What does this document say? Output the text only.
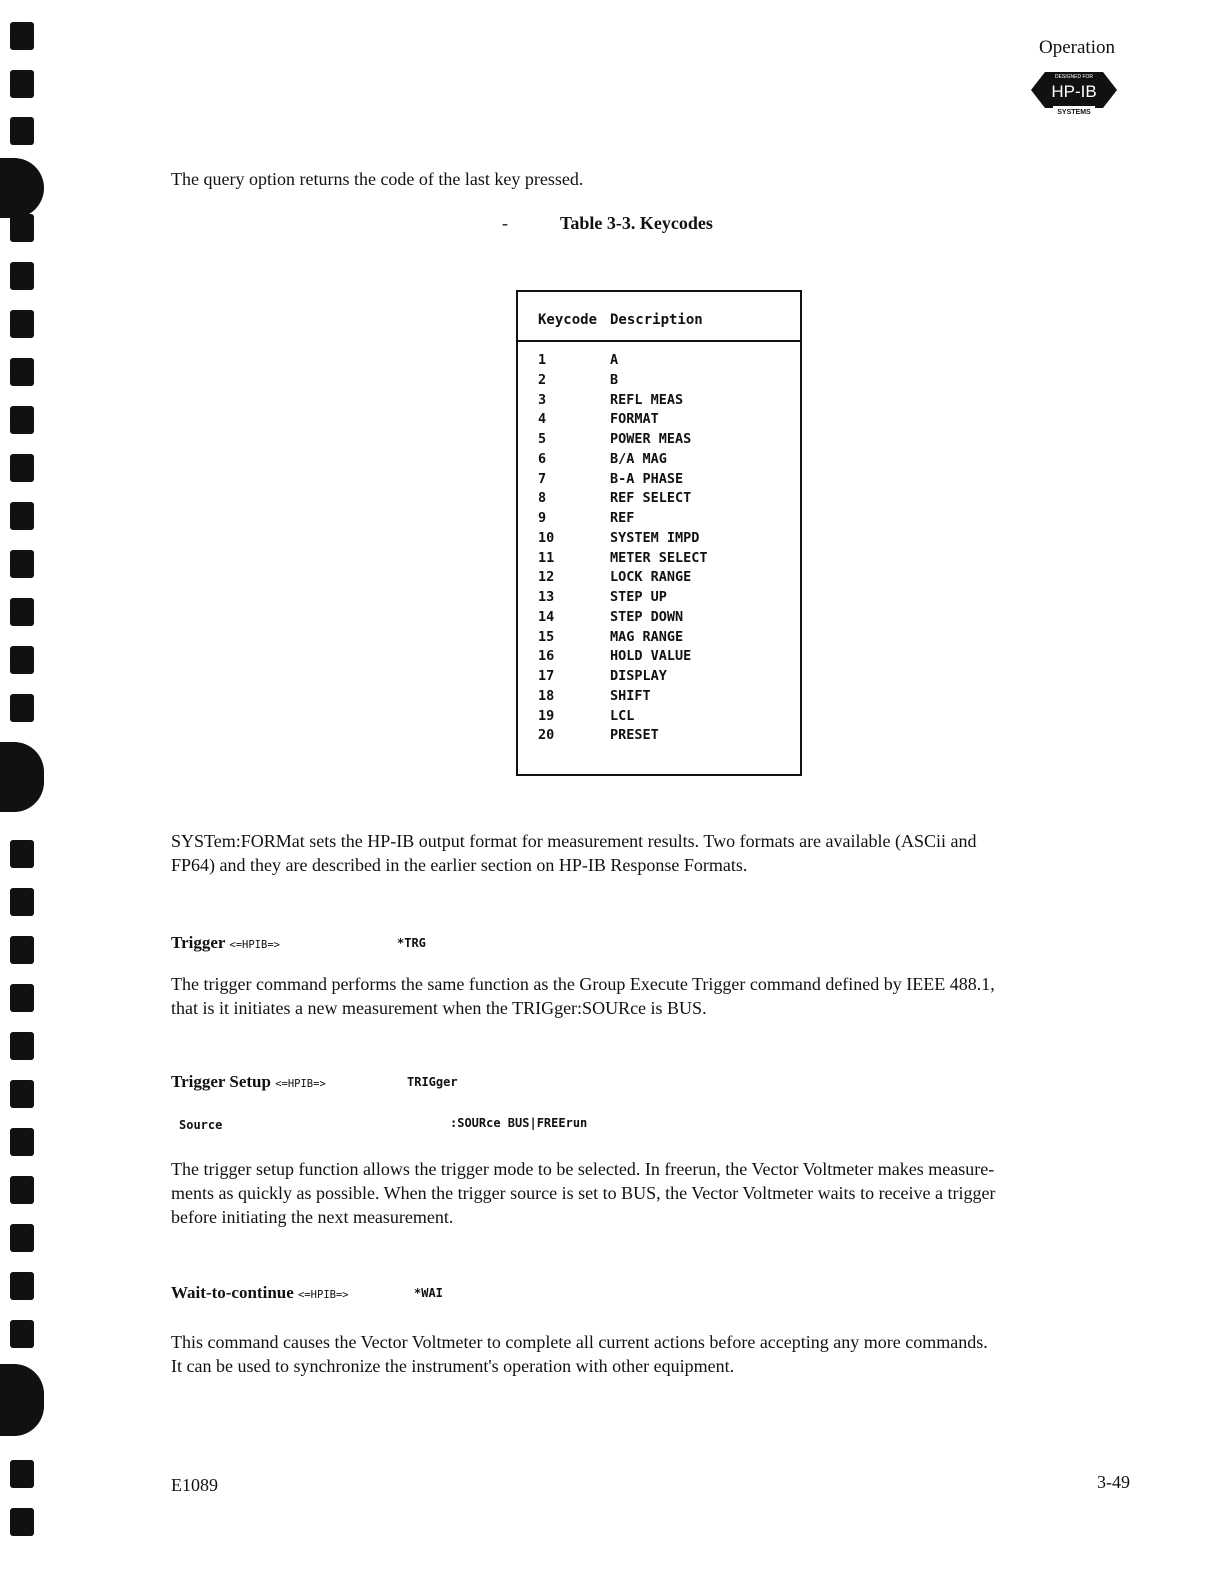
Operation
DESIGNED FOR
HP-IB
SYSTEMS
The query option returns the code of the last key pressed.
-	Table 3-3. Keycodes
Keycode Description
1	A
2	B
3	REFL MEAS
4	FORMAT
5	POWER MEAS
6	B/A MAG
7	B-A PHASE
8	REF SELECT
9	REF
10	SYSTEM IMPD
11	METER SELECT
12	LOCK RANGE
13	STEP UP
14	STEP DOWN
15	MAG RANGE
16	HOLD VALUE
17	DISPLAY
18	SHIFT
19	LCL
20	PRESET
SYSTem:FORMat sets the HP-IB output format for measurement results. Two formats are available (ASCii and
FP64) and they are described in the earlier section on HP-IB Response Formats.
Trigger <=HPIB=>	*TRG
The trigger command performs the same function as the Group Execute Trigger command defined by IEEE 488.1,
that is it initiates a new measurement when the TRIGger:SOURce is BUS.
Trigger Setup <=HPIB=>	TRIGger
Source	:SOURce BUS|FREErun
The trigger setup function allows the trigger mode to be selected. In freerun, the Vector Voltmeter makes measure-
ments as quickly as possible. When the trigger source is set to BUS, the Vector Voltmeter waits to receive a trigger
before initiating the next measurement.
Wait-to-continue <=HPIB=>	*WAI
This command causes the Vector Voltmeter to complete all current actions before accepting any more commands.
It can be used to synchronize the instrument's operation with other equipment.
E1089	3-49
